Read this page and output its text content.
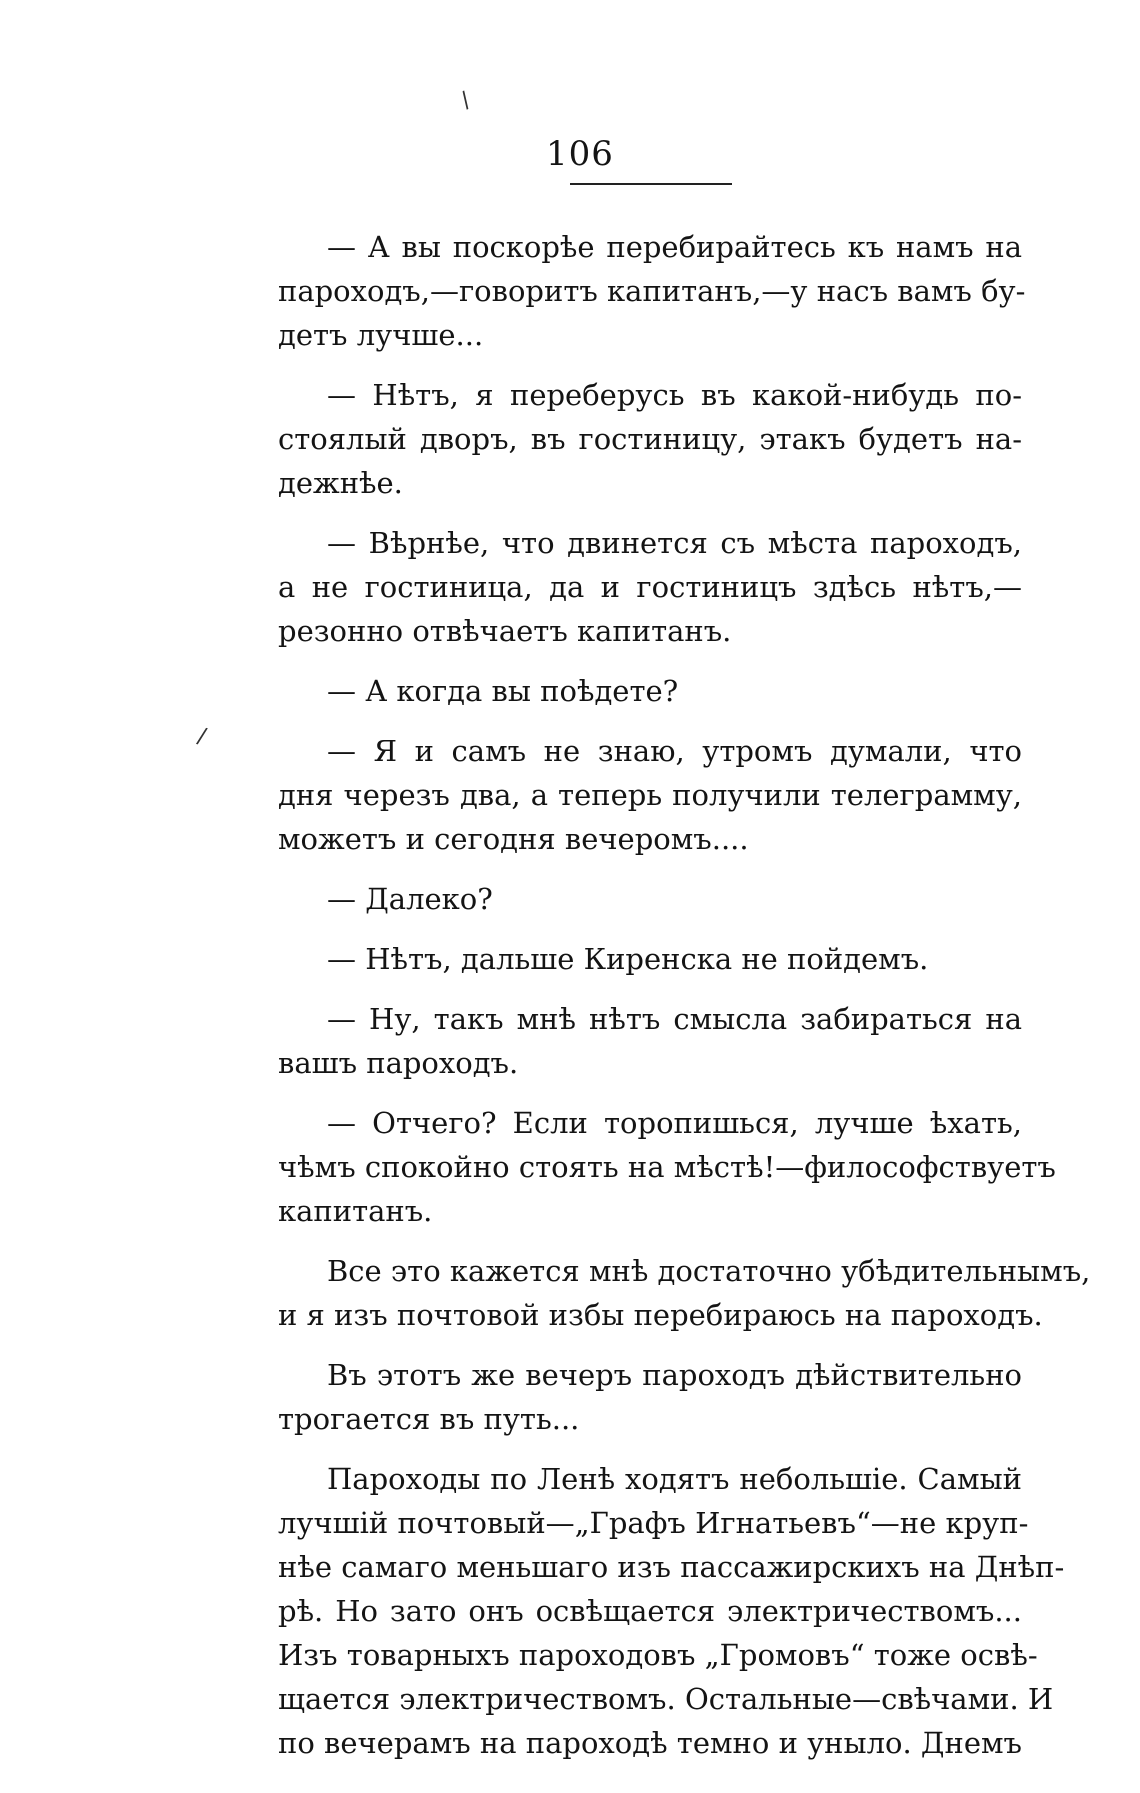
106
/
/
— А вы поскорѣе перебирайтесь къ намъ на
пароходъ,—говоритъ капитанъ,—у насъ вамъ бу-
детъ лучше...
— Нѣтъ, я переберусь въ какой-нибудь по-
стоялый дворъ, въ гостиницу, этакъ будетъ на-
дежнѣе.
— Вѣрнѣе, что двинется съ мѣста пароходъ,
а не гостиница, да и гостиницъ здѣсь нѣтъ,—
резонно отвѣчаетъ капитанъ.
— А когда вы поѣдете?
— Я и самъ не знаю, утромъ думали, что
дня черезъ два, а теперь получили телеграмму,
можетъ и сегодня вечеромъ....
— Далеко?
— Нѣтъ, дальше Киренска не пойдемъ.
— Ну, такъ мнѣ нѣтъ смысла забираться на
вашъ пароходъ.
— Отчего? Если торопишься, лучше ѣхать,
чѣмъ спокойно стоять на мѣстѣ!—философствуетъ
капитанъ.
Все это кажется мнѣ достаточно убѣдительнымъ,
и я изъ почтовой избы перебираюсь на пароходъ.
Въ этотъ же вечеръ пароходъ дѣйствительно
трогается въ путь...
Пароходы по Ленѣ ходятъ небольшіе. Самый
лучшій почтовый—„Графъ Игнатьевъ“—не круп-
нѣе самаго меньшаго изъ пассажирскихъ на Днѣп-
рѣ. Но зато онъ освѣщается электричествомъ...
Изъ товарныхъ пароходовъ „Громовъ“ тоже освѣ-
щается электричествомъ. Остальные—свѣчами. И
по вечерамъ на пароходѣ темно и уныло. Днемъ
